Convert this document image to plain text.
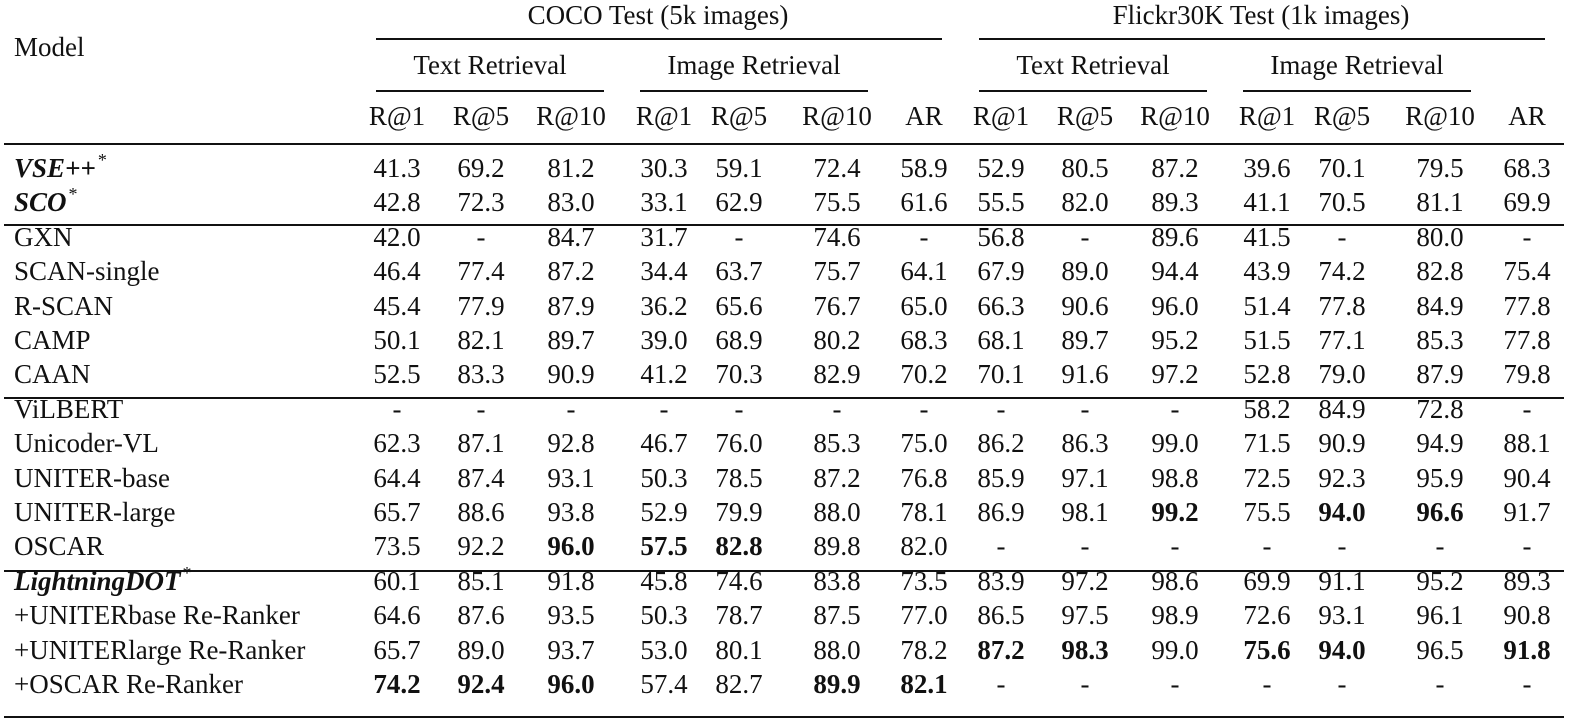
Model
COCO Test (5k images)	Flickr30K Test (1k images)
Text Retrieval	Image Retrieval	Text Retrieval	Image Retrieval
R@1 R@5 R@10 R@1 R@5 R@10 AR R@1 R@5 R@10 R@1 R@5 R@10 AR
VSE++ *	41.3 69.2 81.2 30.3 59.1 72.4 58.9 52.9 80.5 87.2 39.6 70.1 79.5 68.3
SCO *	42.8 72.3 83.0 33.1 62.9 75.5 61.6 55.5 82.0 89.3 41.1 70.5 81.1 69.9
GXN	42.0 - 84.7 31.7 -	74.6 - 56.8 - 89.6 41.5 -	80.0 -
SCAN-single	46.4 77.4 87.2 34.4 63.7 75.7 64.1 67.9 89.0 94.4 43.9 74.2 82.8 75.4
R-SCAN	45.4 77.9 87.9 36.2 65.6 76.7 65.0 66.3 90.6 96.0 51.4 77.8 84.9 77.8
CAMP	50.1 82.1 89.7 39.0 68.9 80.2 68.3 68.1 89.7 95.2 51.5 77.1 85.3 77.8
CAAN	52.5 83.3 90.9 41.2 70.3 82.9 70.2 70.1 91.6 97.2 52.8 79.0 87.9 79.8
ViLBERT	-	-	-	- -	-	-	-	-	- 58.2 84.9 72.8 -
Unicoder-VL	62.3 87.1 92.8 46.7 76.0 85.3 75.0 86.2 86.3 99.0 71.5 90.9 94.9 88.1
UNITER-base	64.4 87.4 93.1 50.3 78.5 87.2 76.8 85.9 97.1 98.8 72.5 92.3 95.9 90.4
UNITER-large	65.7 88.6 93.8 52.9 79.9 88.0 78.1 86.9 98.1 99.2 75.5 94.0 96.6 91.7
OSCAR	73.5 92.2 96.0 57.5 82.8 89.8 82.0 -	-	-	- -	-	-
LightningDOT *	60.1 85.1 91.8 45.8 74.6 83.8 73.5 83.9 97.2 98.6 69.9 91.1 95.2 89.3
+UNITERbase Re-Ranker	64.6 87.6 93.5 50.3 78.7 87.5 77.0 86.5 97.5 98.9 72.6 93.1 96.1 90.8
+UNITERlarge Re-Ranker	65.7 89.0 93.7 53.0 80.1 88.0 78.2 87.2 98.3 99.0 75.6 94.0 96.5 91.8
+OSCAR Re-Ranker	74.2 92.4 96.0 57.4 82.7 89.9 82.1 -	-	-	- -	-	-
